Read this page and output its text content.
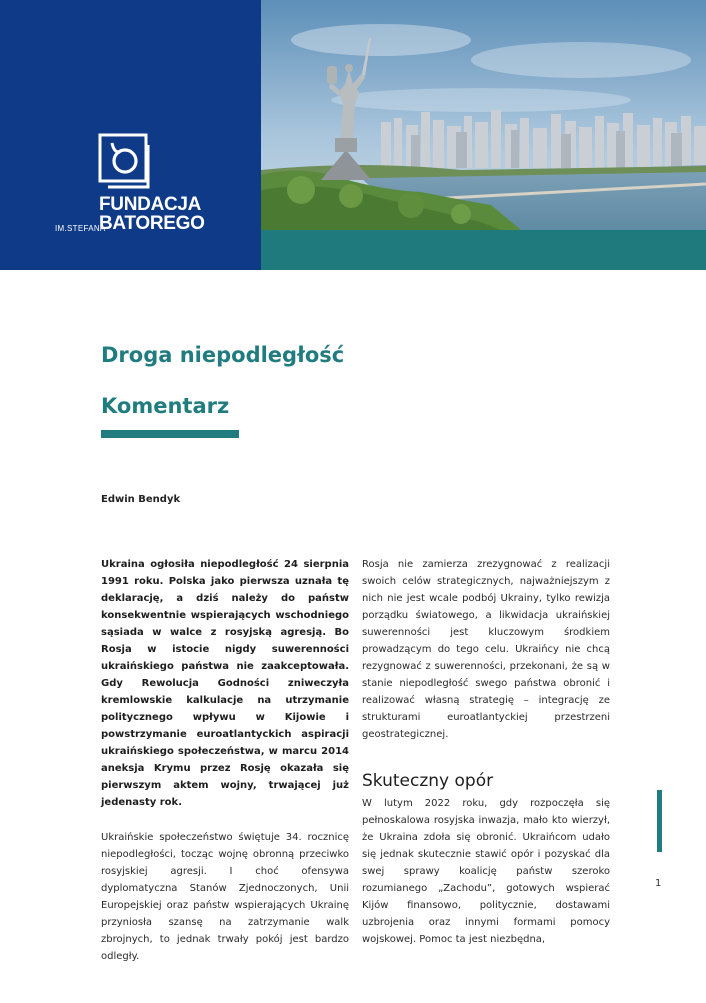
FUNDACJA
IM.STEFANA
BATOREGO
Droga niepodległość
Komentarz
Edwin Bendyk

Ukraina ogłosiła niepodległość 24 sierpnia 1991 roku. Polska jako pierwsza uznała tę deklarację, a dziś należy do państw konsekwentnie wspierających wschodniego sąsiada w walce z rosyjską agresją. Bo Rosja w istocie nigdy suwerenności ukraińskiego państwa nie zaakceptowała. Gdy Rewolucja Godności zniweczyła kremlowskie kalkulacje na utrzymanie politycznego wpływu w Kijowie i powstrzymanie euroatlantyckich aspiracji ukraińskiego społeczeństwa, w marcu 2014 aneksja Krymu przez Rosję okazała się pierwszym aktem wojny, trwającej już jedenasty rok.

Ukraińskie społeczeństwo świętuje 34. rocznicę niepodległości, tocząc wojnę obronną przeciwko rosyjskiej agresji. I choć ofensywa dyplomatyczna Stanów Zjednoczonych, Unii Europejskiej oraz państw wspierających Ukrainę przyniosła szansę na zatrzymanie walk zbrojnych, to jednak trwały pokój jest bardzo odległy.

Rosja nie zamierza zrezygnować z realizacji swoich celów strategicznych, najważniejszym z nich nie jest wcale podbój Ukrainy, tylko rewizja porządku światowego, a likwidacja ukraińskiej suwerenności jest kluczowym środkiem prowadzącym do tego celu. Ukraińcy nie chcą rezygnować z suwerenności, przekonani, że są w stanie niepodległość swego państwa obronić i realizować własną strategię – integrację ze strukturami euroatlantyckiej przestrzeni geostrategicznej.

Skuteczny opór

W lutym 2022 roku, gdy rozpoczęła się pełnoskalowa rosyjska inwazja, mało kto wierzył, że Ukraina zdoła się obronić. Ukraińcom udało się jednak skutecznie stawić opór i pozyskać dla swej sprawy koalicję państw szeroko rozumianego „Zachodu”, gotowych wspierać Kijów finansowo, politycznie, dostawami uzbrojenia oraz innymi formami pomocy wojskowej. Pomoc ta jest niezbędna,

1
